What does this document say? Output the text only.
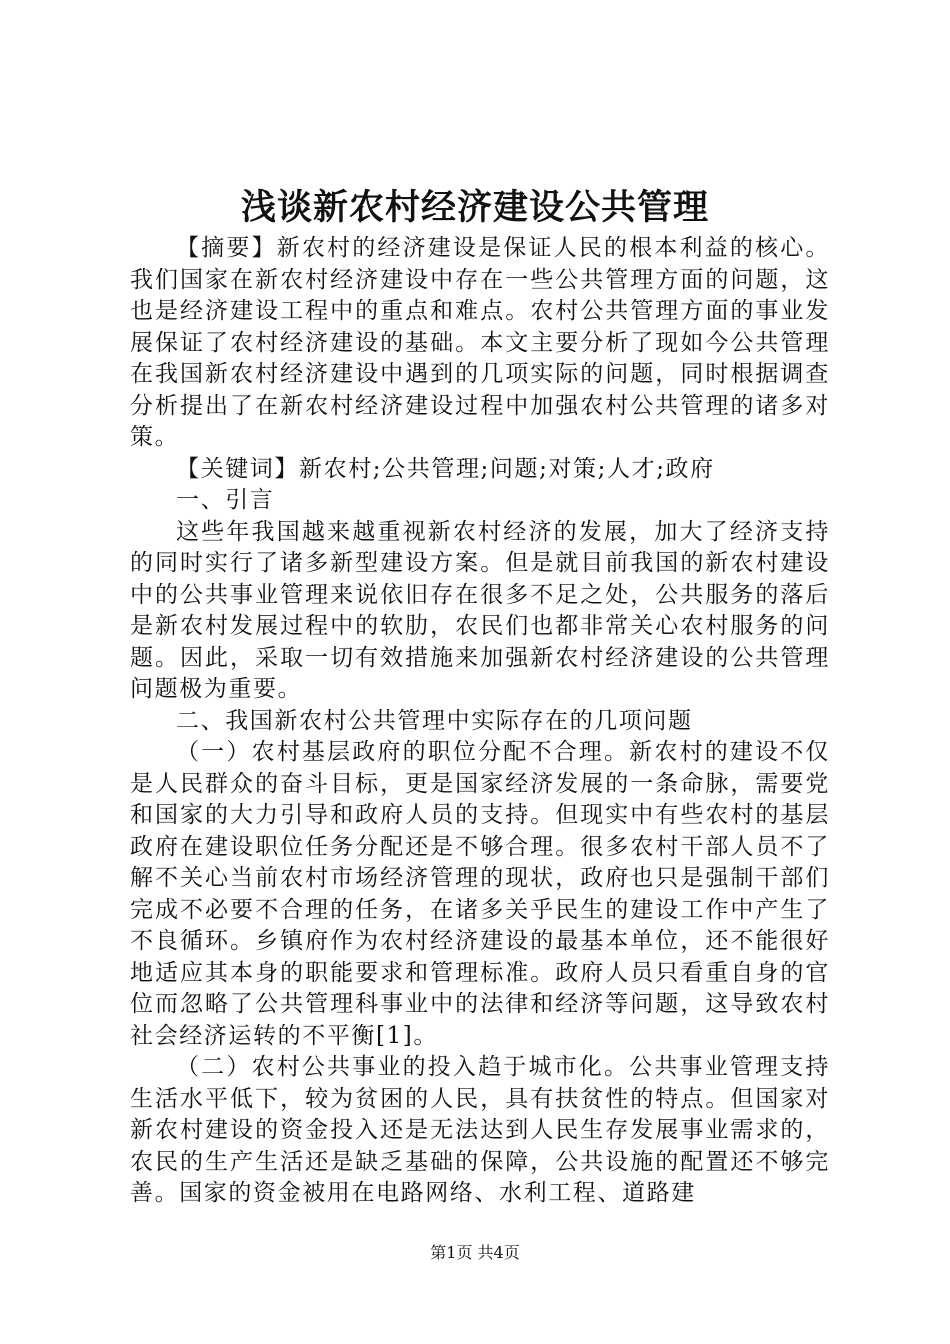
浅谈新农村经济建设公共管理

【摘要】新农村的经济建设是保证人民的根本利益的核心。我们国家在新农村经济建设中存在一些公共管理方面的问题，这也是经济建设工程中的重点和难点。农村公共管理方面的事业发展保证了农村经济建设的基础。本文主要分析了现如今公共管理在我国新农村经济建设中遇到的几项实际的问题，同时根据调查分析提出了在新农村经济建设过程中加强农村公共管理的诸多对策。

【关键词】新农村;公共管理;问题;对策;人才;政府

一、引言

这些年我国越来越重视新农村经济的发展，加大了经济支持的同时实行了诸多新型建设方案。但是就目前我国的新农村建设中的公共事业管理来说依旧存在很多不足之处，公共服务的落后是新农村发展过程中的软肋，农民们也都非常关心农村服务的问题。因此，采取一切有效措施来加强新农村经济建设的公共管理问题极为重要。

二、我国新农村公共管理中实际存在的几项问题

（一）农村基层政府的职位分配不合理。新农村的建设不仅是人民群众的奋斗目标，更是国家经济发展的一条命脉，需要党和国家的大力引导和政府人员的支持。但现实中有些农村的基层政府在建设职位任务分配还是不够合理。很多农村干部人员不了解不关心当前农村市场经济管理的现状，政府也只是强制干部们完成不必要不合理的任务，在诸多关乎民生的建设工作中产生了不良循环。乡镇府作为农村经济建设的最基本单位，还不能很好地适应其本身的职能要求和管理标准。政府人员只看重自身的官位而忽略了公共管理科事业中的法律和经济等问题，这导致农村社会经济运转的不平衡[1]。

（二）农村公共事业的投入趋于城市化。公共事业管理支持生活水平低下，较为贫困的人民，具有扶贫性的特点。但国家对新农村建设的资金投入还是无法达到人民生存发展事业需求的，农民的生产生活还是缺乏基础的保障，公共设施的配置还不够完善。国家的资金被用在电路网络、水利工程、道路建

第1页 共4页
